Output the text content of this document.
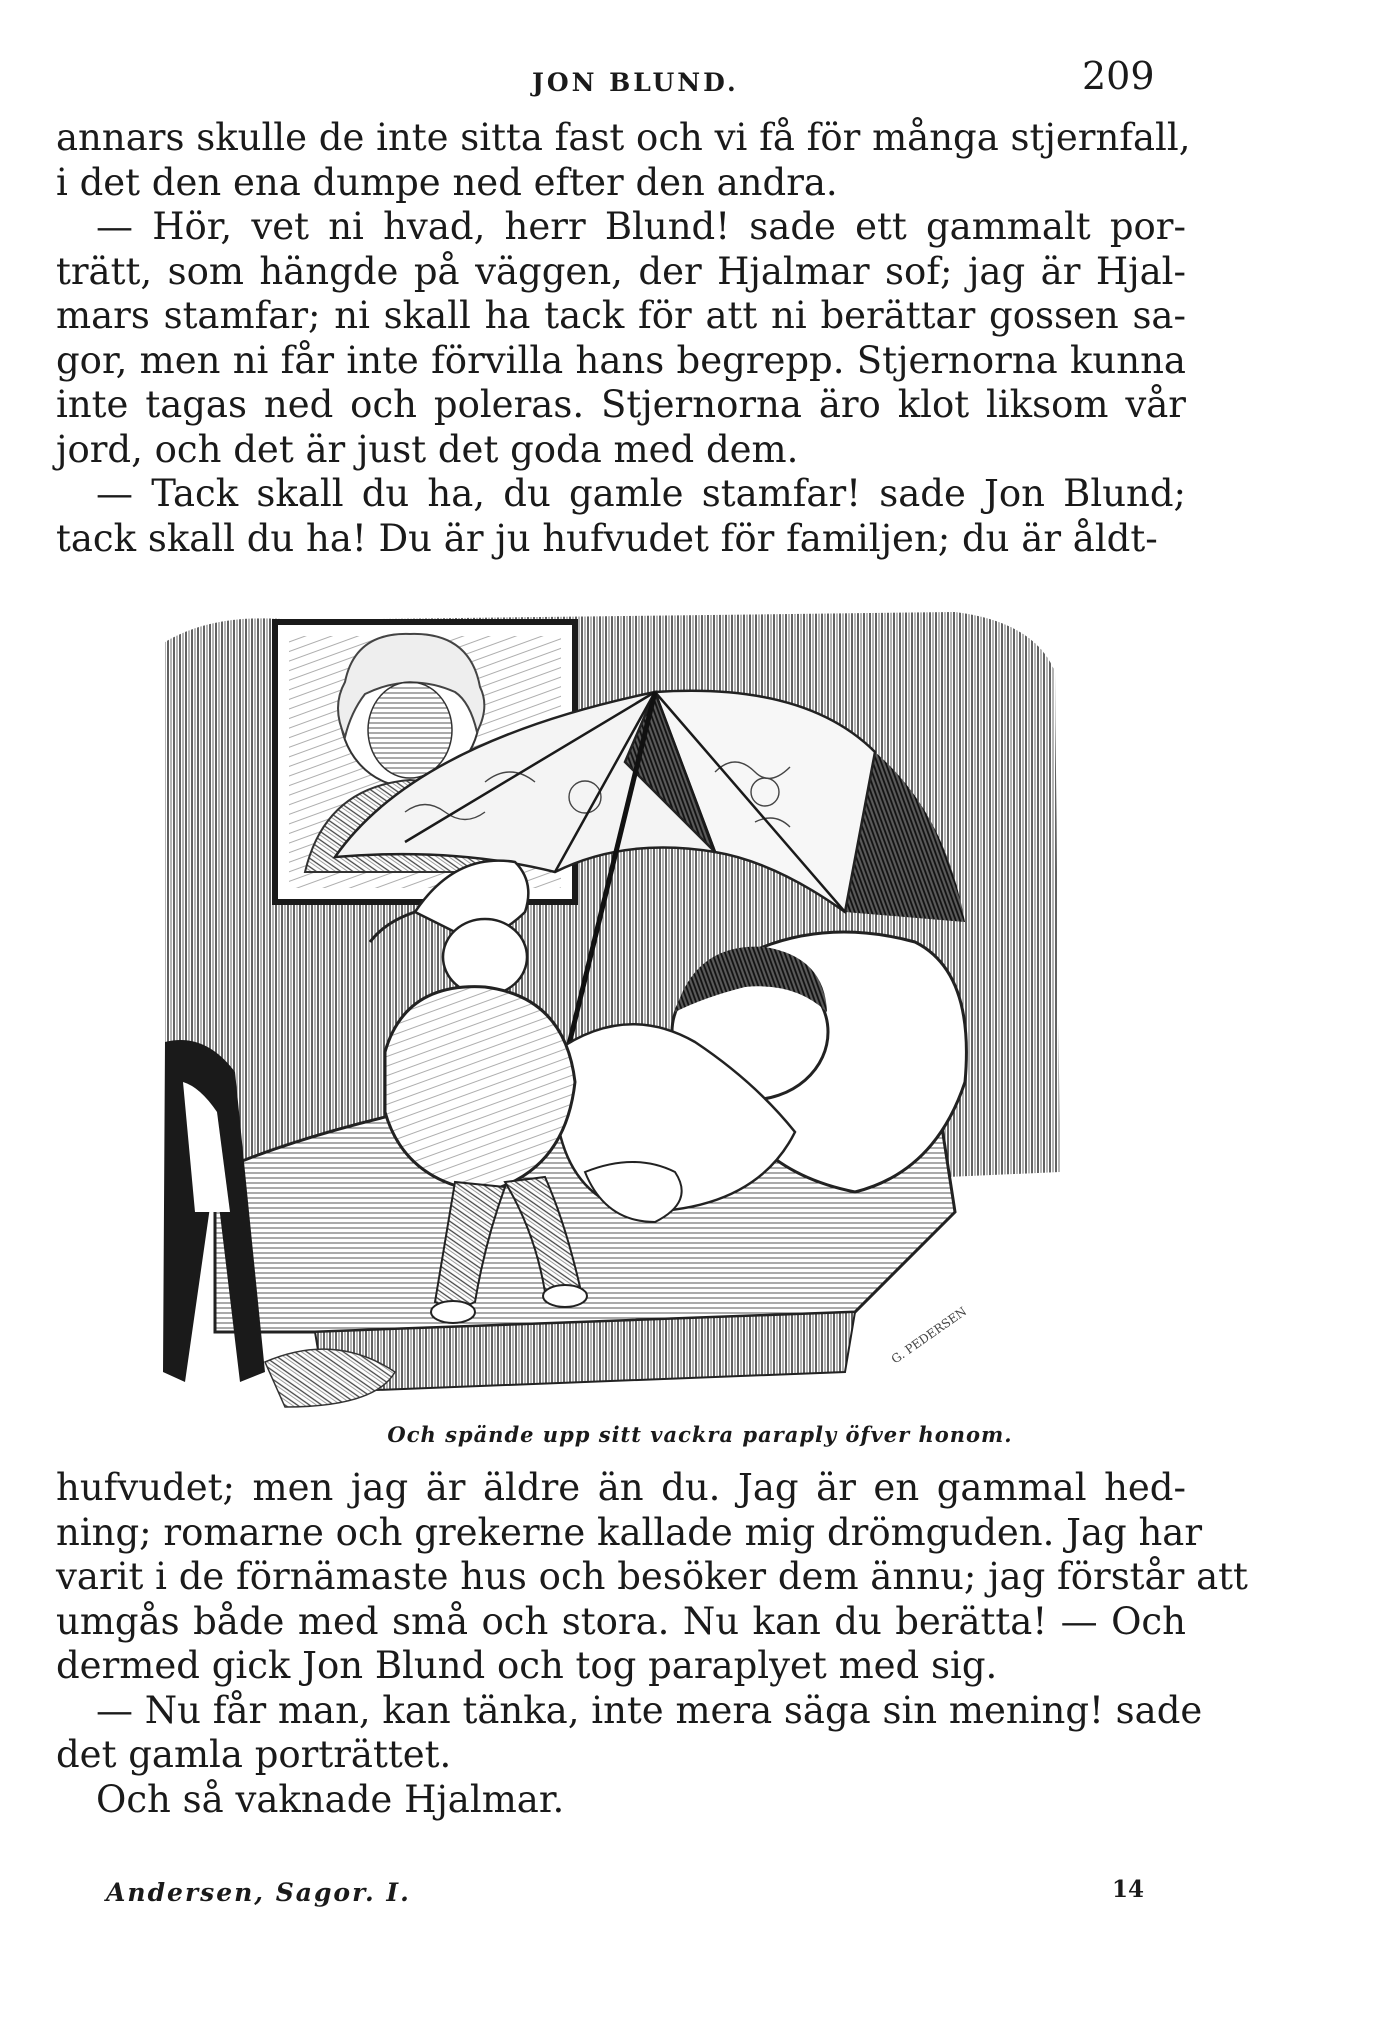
JON BLUND.	209
annars skulle de inte sitta fast och vi få för många stjernfall,
i det den ena dumpe ned efter den andra.
— Hör, vet ni hvad, herr Blund! sade ett gammalt por-
trätt, som hängde på väggen, der Hjalmar sof; jag är Hjal-
mars stamfar; ni skall ha tack för att ni berättar gossen sa-
gor, men ni får inte förvilla hans begrepp. Stjernorna kunna
inte tagas ned och poleras. Stjernorna äro klot liksom vår
jord, och det är just det goda med dem.
— Tack skall du ha, du gamle stamfar! sade Jon Blund;
tack skall du ha! Du är ju hufvudet för familjen; du är åldt-
G. PEDERSEN
Och spände upp sitt vackra paraply öfver honom.
hufvudet; men jag är äldre än du. Jag är en gammal hed-
ning; romarne och grekerne kallade mig drömguden. Jag har
varit i de förnämaste hus och besöker dem ännu; jag förstår att
umgås både med små och stora. Nu kan du berätta! — Och
dermed gick Jon Blund och tog paraplyet med sig.
— Nu får man, kan tänka, inte mera säga sin mening! sade
det gamla porträttet.
Och så vaknade Hjalmar.
Andersen, Sagor. I.	14
